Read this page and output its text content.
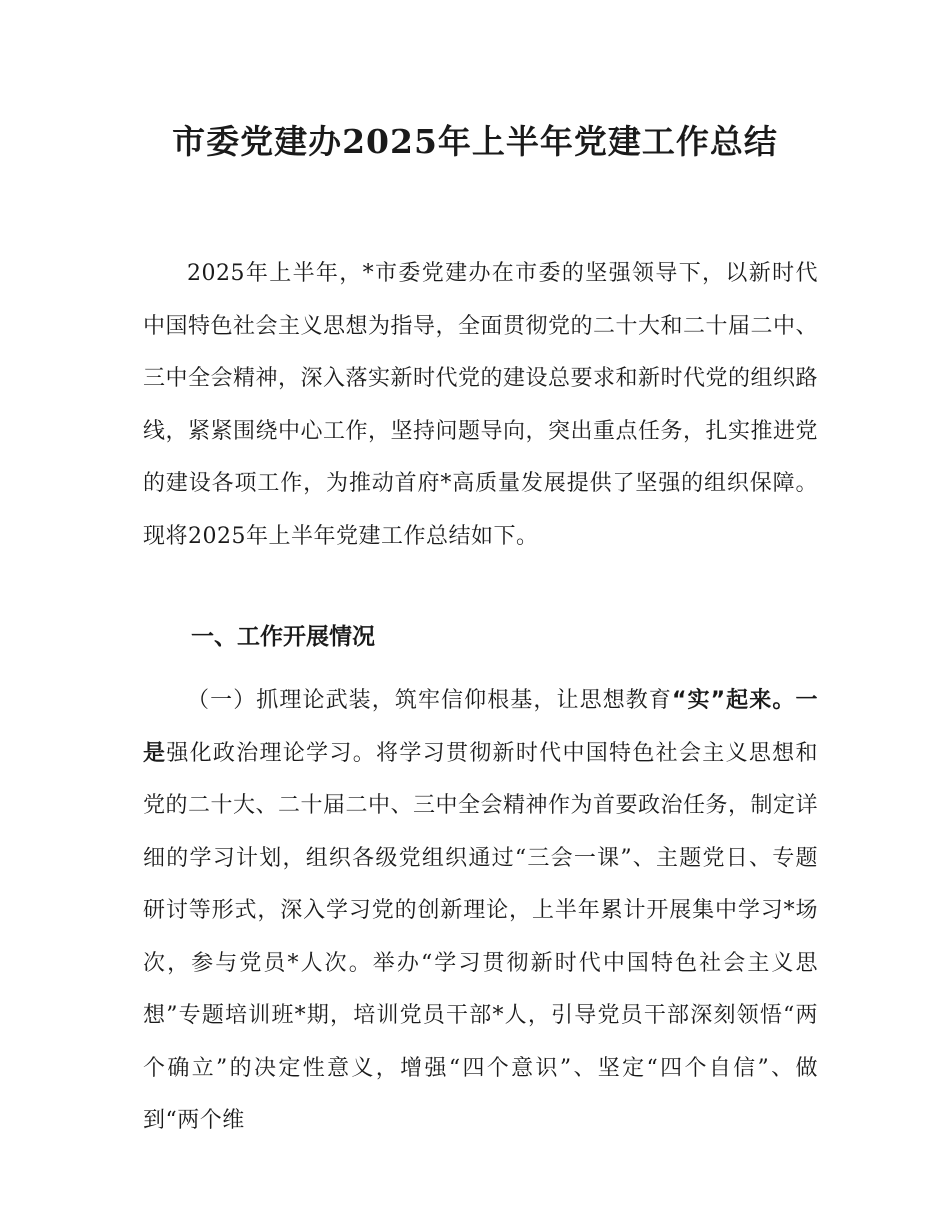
市委党建办2025年上半年党建工作总结

2025年上半年，*市委党建办在市委的坚强领导下，以新时代中国特色社会主义思想为指导，全面贯彻党的二十大和二十届二中、三中全会精神，深入落实新时代党的建设总要求和新时代党的组织路线，紧紧围绕中心工作，坚持问题导向，突出重点任务，扎实推进党的建设各项工作，为推动首府*高质量发展提供了坚强的组织保障。现将2025年上半年党建工作总结如下。

一、工作开展情况

（一）抓理论武装，筑牢信仰根基，让思想教育“实”起来。一是强化政治理论学习。将学习贯彻新时代中国特色社会主义思想和党的二十大、二十届二中、三中全会精神作为首要政治任务，制定详细的学习计划，组织各级党组织通过“三会一课”、主题党日、专题研讨等形式，深入学习党的创新理论，上半年累计开展集中学习*场次，参与党员*人次。举办“学习贯彻新时代中国特色社会主义思想”专题培训班*期，培训党员干部*人，引导党员干部深刻领悟“两个确立”的决定性意义，增强“四个意识”、坚定“四个自信”、做到“两个维
